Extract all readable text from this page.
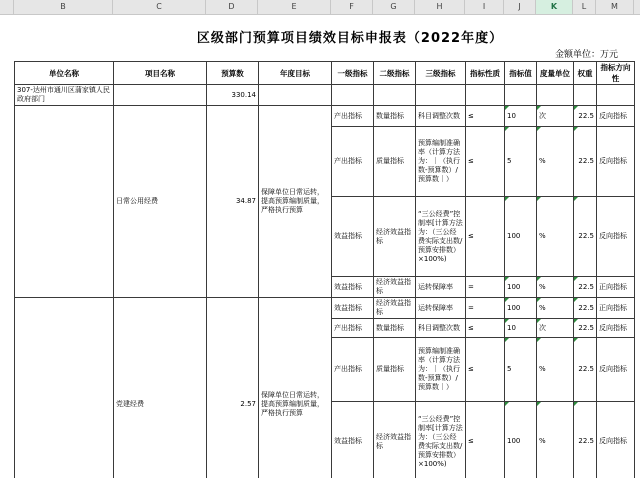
B	C	D	E	F	G	H	I	J	K	L	M
区级部门预算项目绩效目标申报表（2022年度）
金额单位：万元
单位名称	项目名称	预算数	年度目标	一级指标	二级指标	三级指标	指标性质	指标值	度量单位	权重	指标方向性
307-达州市通川区蒲家镇人民政府部门		330.14									
	日常公用经费	34.87	保障单位日常运转，提高预算编制质量，严格执行预算	产出指标	数量指标	科目调整次数	≤	10	次	22.5	反向指标
				产出指标	质量指标	预算编制准确率（计算方法为：｜（执行数-预算数）/预算数｜）	≤	5	%	22.5	反向指标
				效益指标	经济效益指标	“三公经费”控制率[计算方法为：（三公经费实际支出数/预算安排数）×100%)	≤	100	%	22.5	反向指标
				效益指标	经济效益指标	运转保障率	=	100	%	22.5	正向指标
	党建经费	2.57	保障单位日常运转，提高预算编制质量，严格执行预算	效益指标	经济效益指标	运转保障率	=	100	%	22.5	正向指标
				产出指标	数量指标	科目调整次数	≤	10	次	22.5	反向指标
				产出指标	质量指标	预算编制准确率（计算方法为：｜（执行数-预算数）/预算数｜）	≤	5	%	22.5	反向指标
				效益指标	经济效益指标	“三公经费”控制率[计算方法为：（三公经费实际支出数/预算安排数）×100%)	≤	100	%	22.5	反向指标
